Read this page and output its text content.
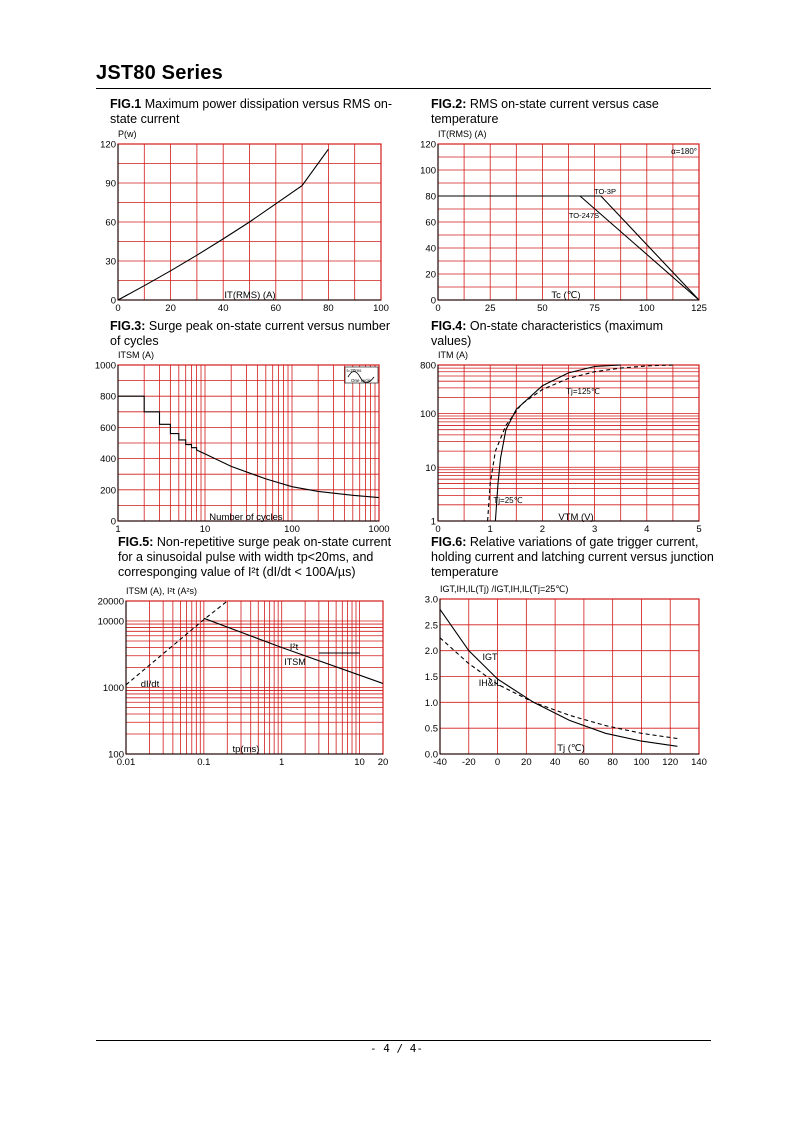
JST80 Series
FIG.1 Maximum power dissipation versus RMS on-state current
FIG.2: RMS on-state current versus case temperature
FIG.3: Surge peak on-state current versus number of cycles
FIG.4: On-state characteristics (maximum values)
FIG.5: Non-repetitive surge peak on-state current for a sinusoidal pulse with width tp<20ms, and corresponging value of I²t (dI/dt < 100A/µs)
FIG.6: Relative variations of gate trigger current, holding current and latching current versus junction temperature
0	20	40	60	80	100
0
30
60
90
120
P(w)
IT(RMS) (A)
0	25	50	75	100	125
0
20
40
60
80
100
120
IT(RMS) (A)
Tc (℃)
α=180°
TO-3P
TO-247S
1	10	100	1000
0
200
400
600
800
1000
ITSM (A)
Number of cycles
t=20ms
One cycle
0	1	2	3	4	5
1
10
100
800
ITM (A)
VTM (V)
Tj=125℃
Tj=25℃
0.01	0.1	1	10 20
100
1000
10000
20000
ITSM (A), I²t (A²s)
tp(ms)
dI/dt
I²t
ITSM
-40 -20 0 20 40 60 80 100 120 140
0.0
0.5
1.0
1.5
2.0
2.5
3.0
IGT,IH,IL(Tj) /IGT,IH,IL(Tj=25℃)
Tj (℃)
IGT
IH&IL
- 4 / 4-
